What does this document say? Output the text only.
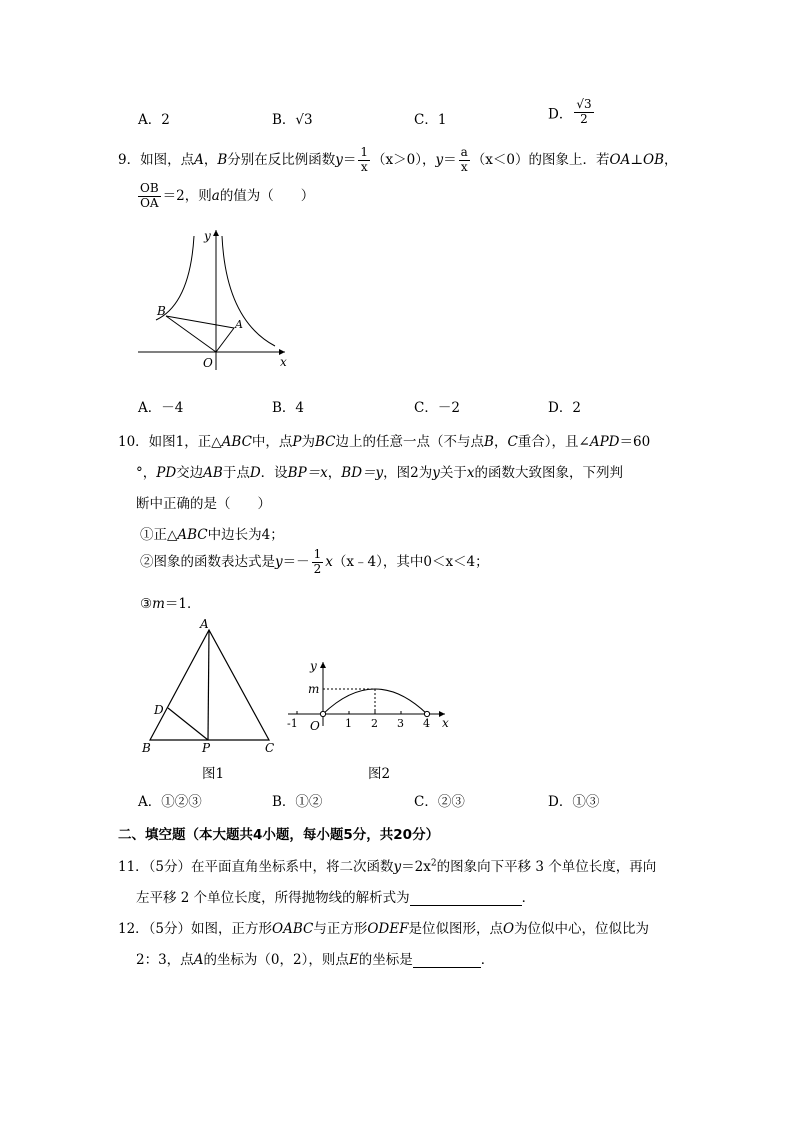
A．2	B．√3	C．1	D． $\frac{√3}{2}$
9．如图，点A，B分别在反比例函数$y= \frac{1}{x} (x>0)$，$y= \frac{a}{x} (x<0)$的图象上．若OA⊥OB，
$\frac{OB}{OA} =2$，则a的值为（　　）
y
x
O
B
A
A．－4	B．4	C．－2	D．2
10．如图1，正△ABC中，点P为BC边上的任意一点（不与点B，C重合），且∠APD＝60
°，PD交边AB于点D．设BP＝x，BD＝y，图2为y关于x的函数大致图象，下列判
断中正确的是（　　）
①正△ABC中边长为4；
②图象的函数表达式是$y=- \frac{1}{2}$ x（x﹣4），其中0＜x＜4；
③m＝1．
A
D
B	P	C
图1
y
m
-1 O 1 2 3 4 x
图2
A．①②③	B．①②	C．②③	D．①③
二、填空题（本大题共4小题，每小题5分，共20分）
11．（5分）在平面直角坐标系中，将二次函数$y=2x^2$的图象向下平移 3 个单位长度，再向
左平移 2 个单位长度，所得抛物线的解析式为	．
12．（5分）如图，正方形OABC与正方形ODEF是位似图形，点O为位似中心，位似比为
2：3，点A的坐标为（0，2），则点E的坐标是	．
